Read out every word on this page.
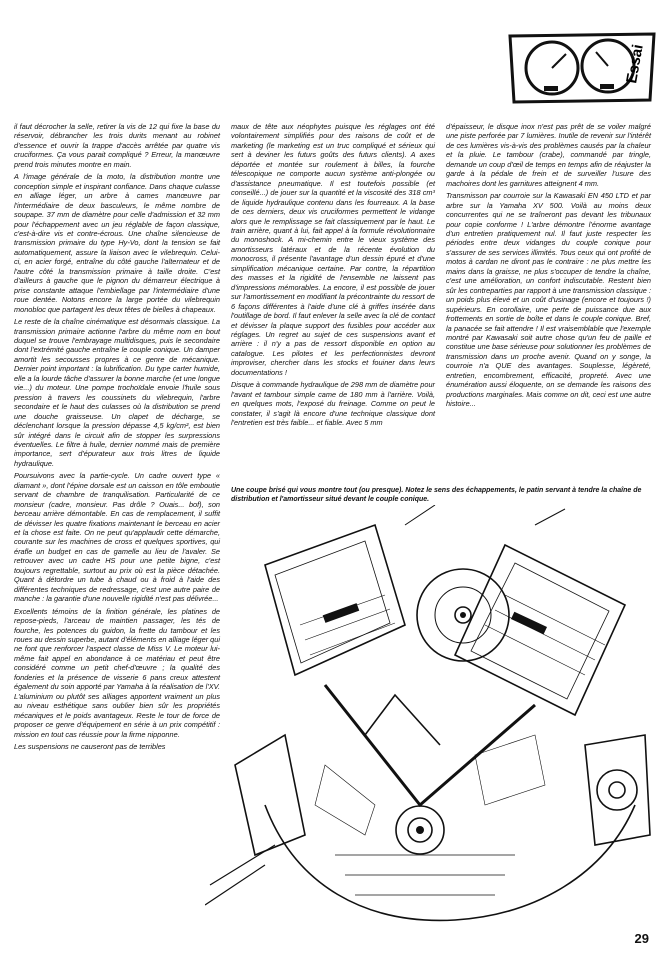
il faut décrocher la selle, retirer la vis de 12 qui fixe la base du réservoir, débrancher les trois durits menant au robinet d'essence et ouvrir la trappe d'accès arrêtée par quatre vis cruciformes. Ça vous parait compliqué ? Erreur, la manœuvre prend trois minutes montre en main.

A l'image générale de la moto, la distribution montre une conception simple et inspirant confiance. Dans chaque culasse en alliage léger, un arbre à cames manœuvre par l'intermédiaire de deux basculeurs, le même nombre de soupape. 37 mm de diamètre pour celle d'admission et 32 mm pour l'échappement avec un jeu réglable de façon classique, c'est-à-dire vis et contre-écrous. Une chaîne silencieuse de transmission primaire du type Hy-Vo, dont la tension se fait automatiquement, assure la liaison avec le vilebrequin. Celui-ci, en acier forgé, entraîne du côté gauche l'alternateur et de l'autre côté la transmission primaire à taille droite. C'est d'ailleurs à gauche que le pignon du démarreur électrique à prise constante attaque l'embiellage par l'intermédiaire d'une roue dentée. Notons encore la large portée du vilebrequin monobloc que partagent les deux têtes de bielles à chapeaux.

Le reste de la chaîne cinématique est désormais classique. La transmission primaire actionne l'arbre du même nom en bout duquel se trouve l'embrayage multidisques, puis le secondaire dont l'extrémité gauche entraîne le couple conique. Un damper amortit les secousses propres à ce genre de mécanique. Dernier point important : la lubrification. Du type carter humide, elle a la lourde tâche d'assurer la bonne marche (et une longue vie...) du moteur. Une pompe trochoïdale envoie l'huile sous pression à travers les coussinets du vilebrequin, l'arbre secondaire et le haut des culasses où la distribution se prend une douche graisseuse. Un clapet de décharge, se déclenchant lorsque la pression dépasse 4,5 kg/cm², est bien sûr intégré dans le circuit afin de stopper les surpressions éventuelles. Le filtre à huile, dernier nommé mais de première importance, sert d'épurateur aux trois litres de liquide hydraulique.

Poursuivons avec la partie-cycle. Un cadre ouvert type « diamant », dont l'épine dorsale est un caisson en tôle emboutie servant de chambre de tranquilisation. Particularité de ce monsieur (cadre, monsieur. Pas drôle ? Ouais... bof), son berceau arrière démontable. En cas de remplacement, il suffit de dévisser les quatre fixations maintenant le berceau en acier et la chose est faite. On ne peut qu'applaudir cette démarche, courante sur les machines de cross et quelques sportives, qui érafle un budget en cas de gamelle au lieu de l'avaler. Se retrouver avec un cadre HS pour une petite bigne, c'est toujours regrettable, surtout au prix où est la pièce détachée. Quant à détordre un tube à chaud ou à froid à l'aide des différentes techniques de redressage, c'est une autre paire de manche : la garantie d'une nouvelle rigidité n'est pas délivrée...

Excellents témoins de la finition générale, les platines de repose-pieds, l'arceau de maintien passager, les tés de fourche, les potences du guidon, la frette du tambour et les roues au dessin superbe, autant d'éléments en alliage léger qui ne font que renforcer l'aspect classe de Miss V. Le moteur lui-même fait appel en abondance à ce matériau et peut être considéré comme un petit chef-d'œuvre ; la qualité des fonderies et la présence de visserie 6 pans creux attestent également du soin apporté par Yamaha à la réalisation de l'XV. L'aluminium ou plutôt ses alliages apportent vraiment un plus au niveau esthétique sans oublier bien sûr les propriétés mécaniques et le poids avantageux. Reste le tour de force de proposer ce genre d'équipement en série à un prix compétitif : mission en tout cas réussie pour la firme nipponne.

Les suspensions ne causeront pas de terribles

maux de tête aux néophytes puisque les réglages ont été volontairement simplifiés pour des raisons de coût et de marketing (le marketing est un truc compliqué et sérieux qui sert à deviner les futurs goûts des futurs clients). A axes déportée et montée sur roulement à billes, la fourche télescopique ne comporte aucun système anti-plongée ou d'assistance pneumatique. Il est toutefois possible (et conseillé...) de jouer sur la quantité et la viscosité des 318 cm³ de liquide hydraulique contenu dans les fourreaux. A la base de ces derniers, deux vis cruciformes permettent le vidange alors que le remplissage se fait classiquement par le haut. Le train arrière, quant à lui, fait appel à la formule révolutionnaire du monoshock. A mi-chemin entre le vieux système des amortisseurs latéraux et de la récente évolution du monocross, il présente l'avantage d'un dessin épuré et d'une simplification mécanique certaine. Par contre, la répartition des masses et la rigidité de l'ensemble ne laissent pas d'impressions mémorables. La encore, il est possible de jouer sur l'amortissement en modifiant la précontrainte du ressort de 6 façons différentes à l'aide d'une clé à griffes insérée dans l'outillage de bord. Il faut enlever la selle avec la clé de contact et dévisser la plaque support des fusibles pour accéder aux réglages. Un regret au sujet de ces suspensions avant et arrière : il n'y a pas de ressort disponible en option au catalogue. Les pilotes et les perfectionnistes devront improviser, chercher dans les stocks et fouiner dans leurs documentations !

Disque à commande hydraulique de 298 mm de diamètre pour l'avant et tambour simple came de 180 mm à l'arrière. Voilà, en quelques mots, l'exposé du freinage. Comme on peut le constater, il s'agit là encore d'une technique classique dont l'entretien est très faible... et fiable. Avec 5 mm

d'épaisseur, le disque inox n'est pas prêt de se voiler malgré une piste perforée par 7 lumières. Inutile de revenir sur l'intérêt de ces lumières vis-à-vis des problèmes causés par la chaleur et la pluie. Le tambour (crabe), commandé par tringle, demande un coup d'œil de temps en temps afin de réajuster la garde à la pédale de frein et de surveiller l'usure des machoires dont les garnitures atteignent 4 mm.

Transmisson par courroie sur la Kawasaki EN 450 LTD et par arbre sur la Yamaha XV 500. Voilà au moins deux concurrentes qui ne se traîneront pas devant les tribunaux pour copie conforme ! L'arbre démontre l'énorme avantage d'un entretien pratiquement nul. Il faut juste respecter les périodes entre deux vidanges du couple conique pour s'assurer de ses services illimités. Tous ceux qui ont profité de motos à cardan ne diront pas le contraire : ne plus mettre les mains dans la graisse, ne plus s'occuper de tendre la chaîne, c'est une amélioration, un confort indiscutable. Restent bien sûr les contreparties par rapport à une transmission classique : un poids plus élevé et un coût d'usinage (encore et toujours !) supérieurs. En corollaire, une perte de puissance due aux frottements en sortie de boîte et dans le couple conique. Bref, la panacée se fait attendre ! Il est vraisemblable que l'exemple montré par Kawasaki soit autre chose qu'un feu de paille et constitue une base sérieuse pour solutionner les problèmes de transmission dans un proche avenir. Quand on y songe, la courroie n'a QUE des avantages. Souplesse, légèreté, entretien, encombrement, efficacité, propreté. Avec une énumération aussi éloquente, on se demande les raisons des productions marginales. Mais comme on dit, ceci est une autre histoire...

Une coupe brisé qui vous montre tout (ou presque). Notez le sens des échappements, le patin servant à tendre la chaîne de distribution et l'amortisseur situé devant le couple conique.
Essai
29
